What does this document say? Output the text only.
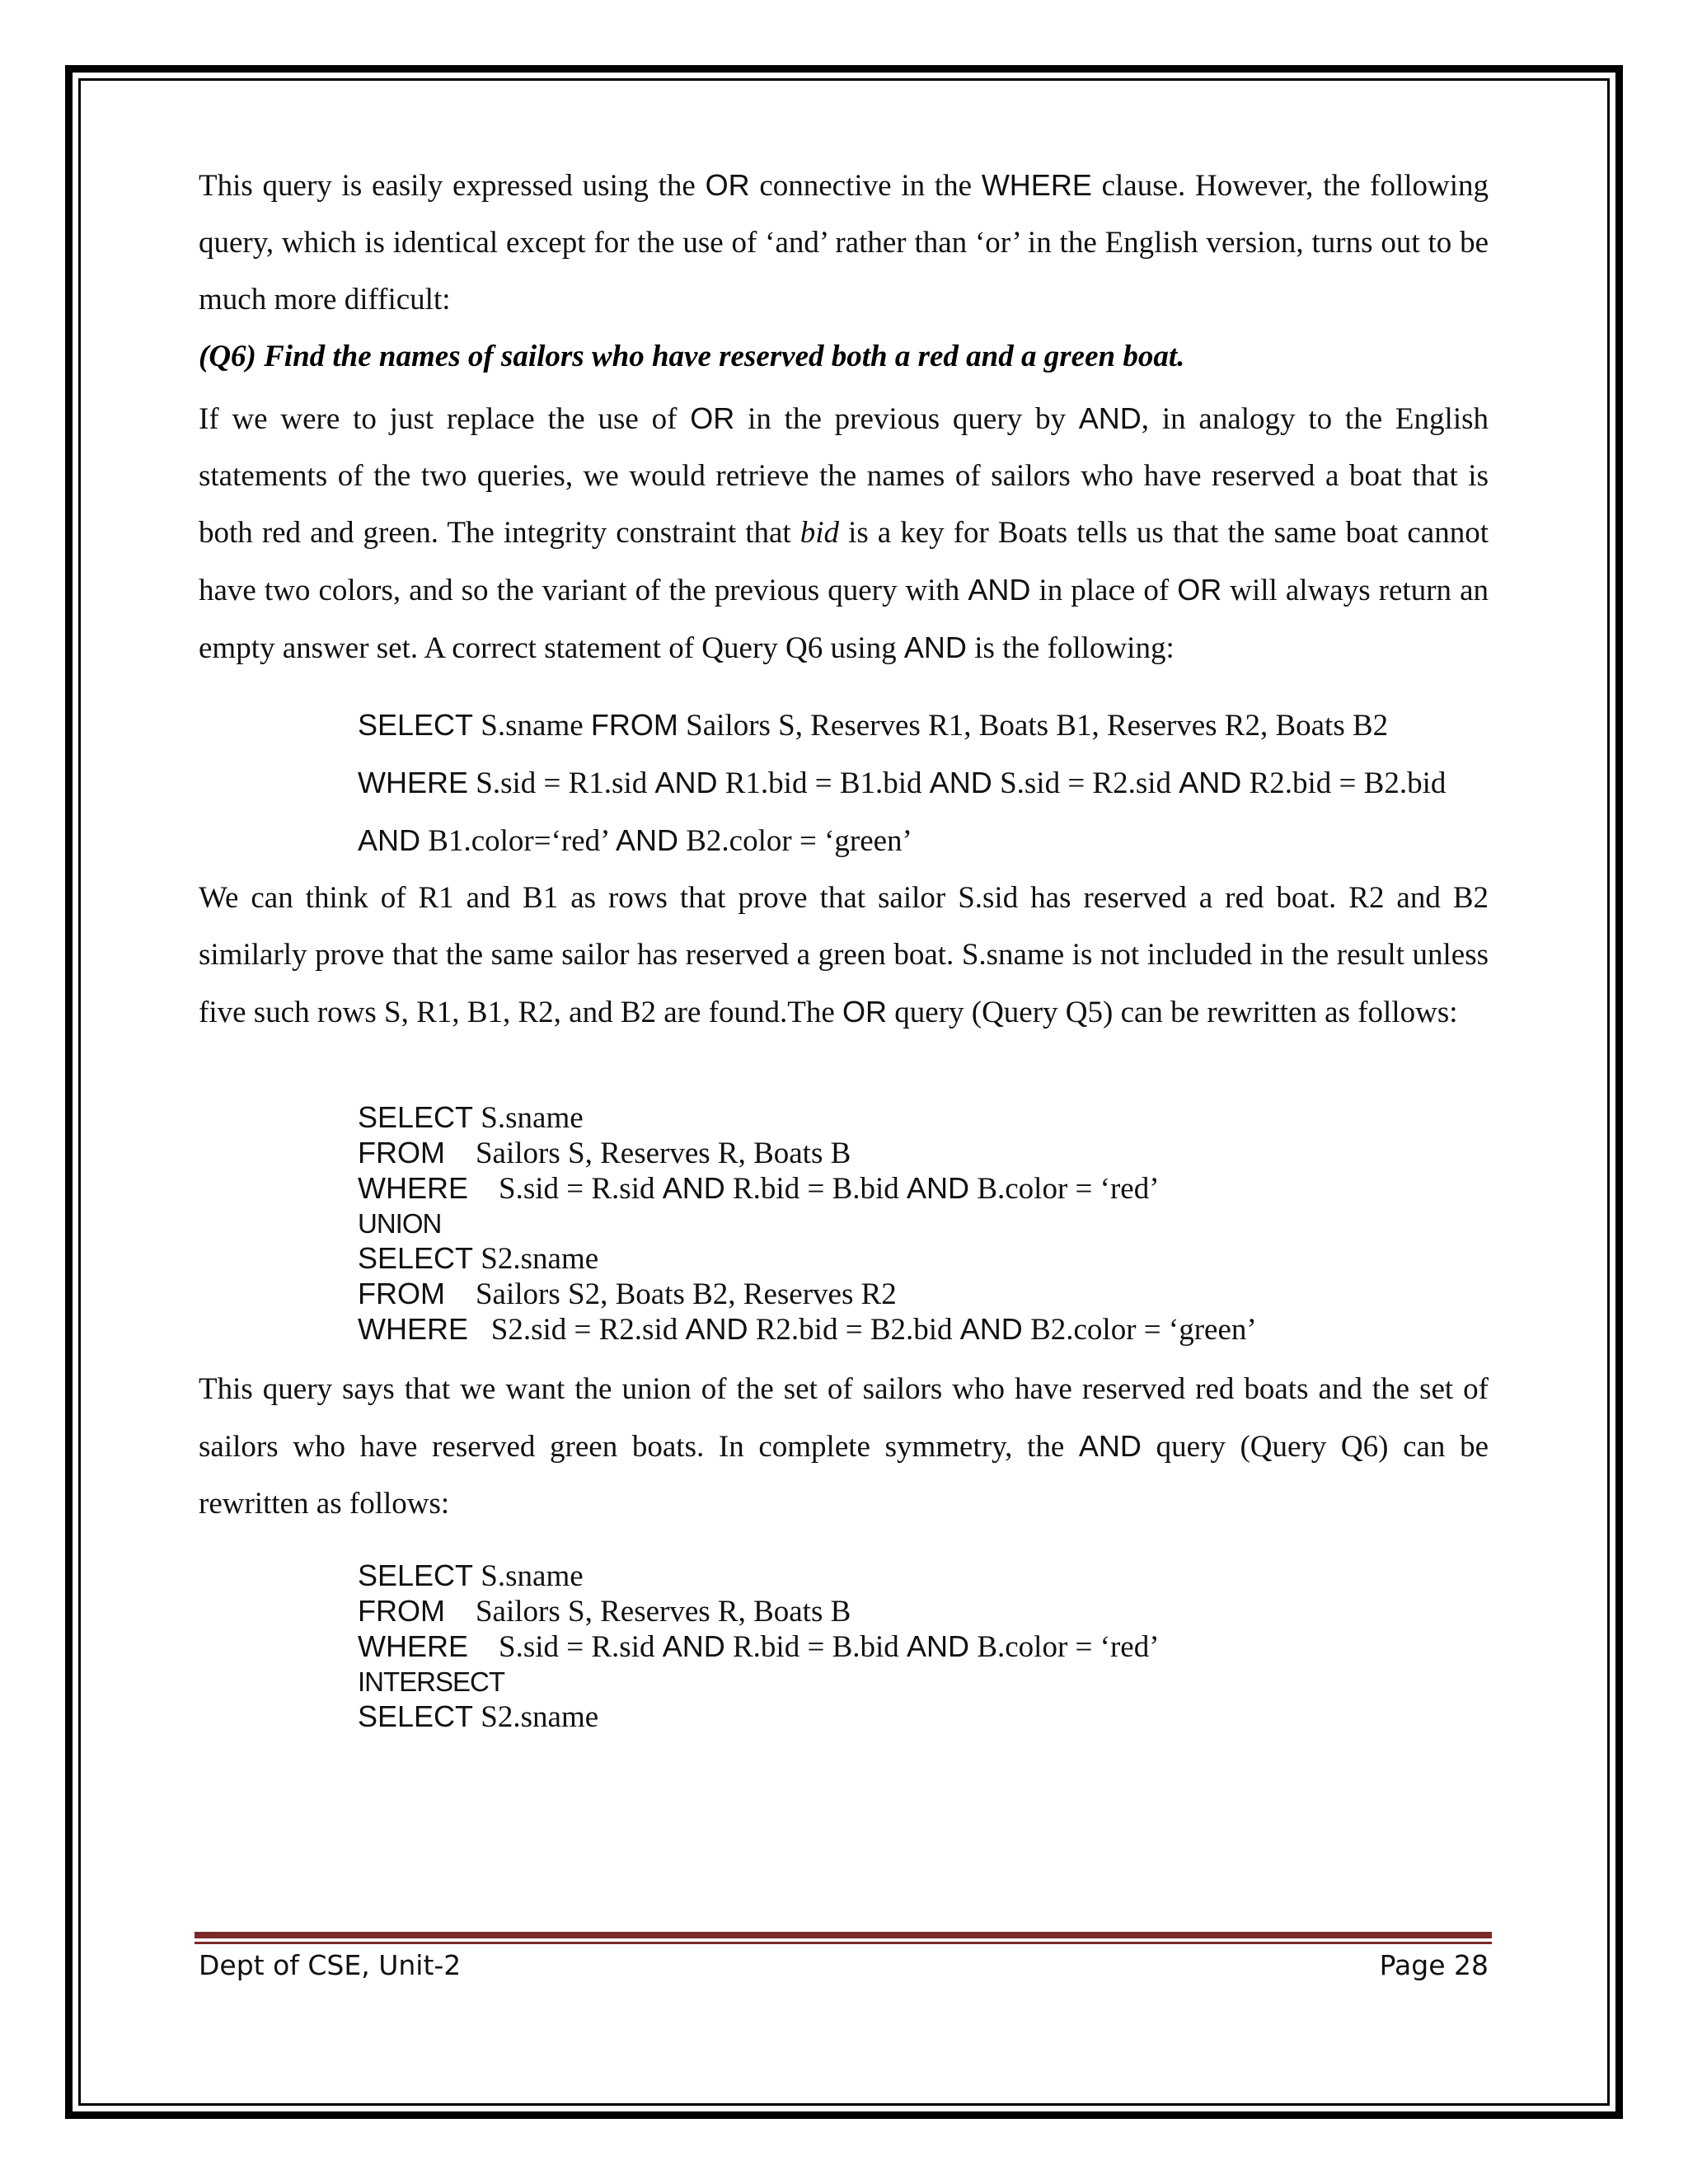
This query is easily expressed using the OR connective in the WHERE clause. However, the following query, which is identical except for the use of ‘and’ rather than ‘or’ in the English version, turns out to be much more difficult:

(Q6) Find the names of sailors who have reserved both a red and a green boat.

If we were to just replace the use of OR in the previous query by AND, in analogy to the English statements of the two queries, we would retrieve the names of sailors who have reserved a boat that is both red and green. The integrity constraint that bid is a key for Boats tells us that the same boat cannot have two colors, and so the variant of the previous query with AND in place of OR will always return an empty answer set. A correct statement of Query Q6 using AND is the following:

SELECT S.sname FROM Sailors S, Reserves R1, Boats B1, Reserves R2, Boats B2 WHERE S.sid = R1.sid AND R1.bid = B1.bid AND S.sid = R2.sid AND R2.bid = B2.bid AND B1.color=‘red’ AND B2.color = ‘green’

We can think of R1 and B1 as rows that prove that sailor S.sid has reserved a red boat. R2 and B2 similarly prove that the same sailor has reserved a green boat. S.sname is not included in the result unless five such rows S, R1, B1, R2, and B2 are found.The OR query (Query Q5) can be rewritten as follows:

SELECT S.sname
FROM    Sailors S, Reserves R, Boats B
WHERE    S.sid = R.sid AND R.bid = B.bid AND B.color = ‘red’
UNION
SELECT S2.sname
FROM    Sailors S2, Boats B2, Reserves R2
WHERE   S2.sid = R2.sid AND R2.bid = B2.bid AND B2.color = ‘green’

This query says that we want the union of the set of sailors who have reserved red boats and the set of sailors who have reserved green boats. In complete symmetry, the AND query (Query Q6) can be rewritten as follows:

SELECT S.sname
FROM    Sailors S, Reserves R, Boats B
WHERE    S.sid = R.sid AND R.bid = B.bid AND B.color = ‘red’
INTERSECT
SELECT S2.sname
Dept of CSE, Unit-2	Page 28
